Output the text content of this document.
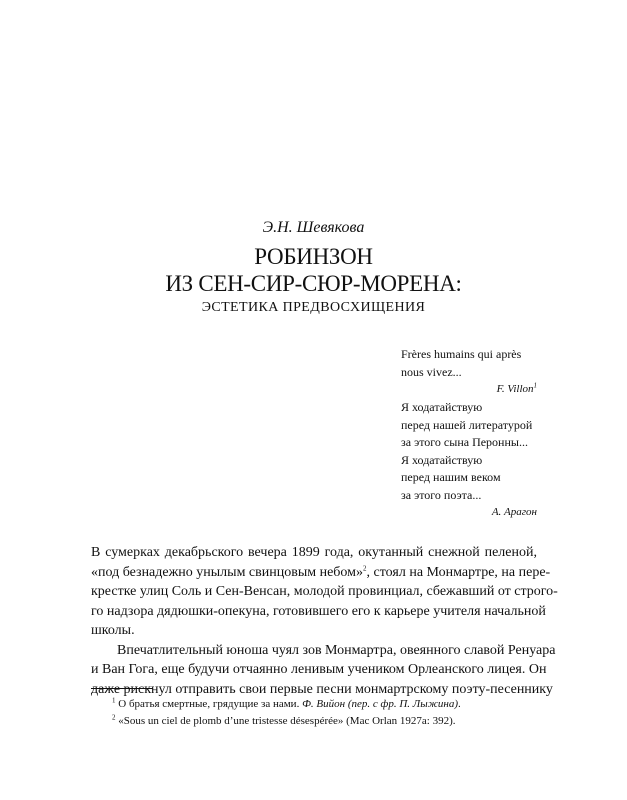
Э.Н. Шевякова
РОБИНЗОН
ИЗ СЕН-СИР-СЮР-МОРЕНА:
ЭСТЕТИКА ПРЕДВОСХИЩЕНИЯ
Frères humains qui après
nous vivez...
F. Villon$^1$
Я ходатайствую
перед нашей литературой
за этого сына Перонны...
Я ходатайствую
перед нашим веком
за этого поэта...
А. Арагон
В сумерках декабрьского вечера 1899 года, окутанный снежной пеленой,
«под безнадежно унылым свинцовым небом»$^2$, стоял на Монмартре, на пере-
крестке улиц Соль и Сен-Венсан, молодой провинциал, сбежавший от строго-
го надзора дядюшки-опекуна, готовившего его к карьере учителя начальной
школы.
Впечатлительный юноша чуял зов Монмартра, овеянного славой Ренуара
и Ван Гога, еще будучи отчаянно ленивым учеником Орлеанского лицея. Он
даже рискнул отправить свои первые песни монмартрскому поэту-песеннику
$^1$ О братья смертные, грядущие за нами. Ф. Вийон (пер. с фр. П. Лыжина).
$^2$ «Sous un ciel de plomb d’une tristesse désespérée» (Mac Orlan 1927a: 392).
